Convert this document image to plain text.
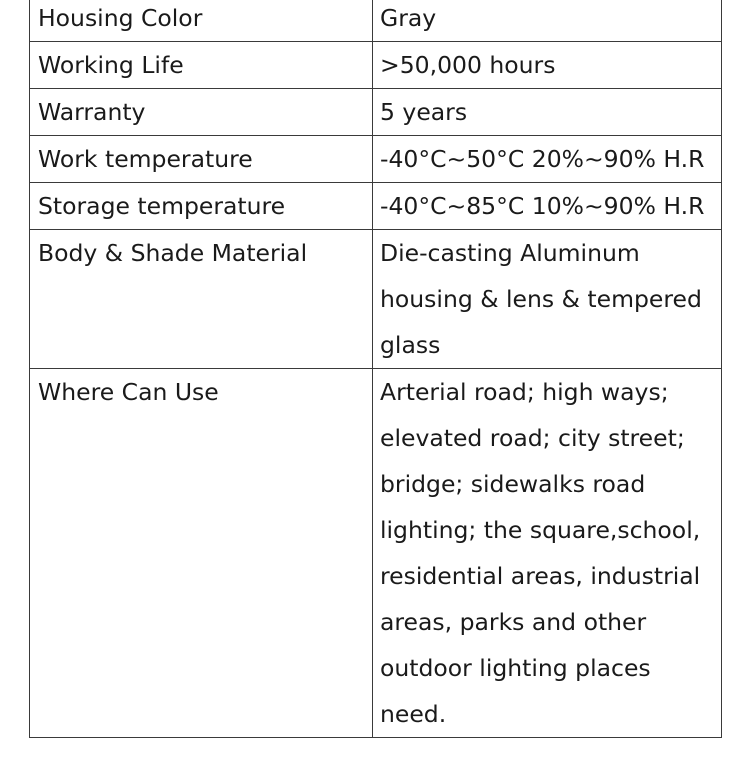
Housing Color	Gray
Working Life	>50,000 hours
Warranty	5 years
Work temperature	-40°C~50°C 20%~90% H.R
Storage temperature	-40°C~85°C 10%~90% H.R
Body & Shade Material	Die-casting Aluminum housing & lens & tempered glass
Where Can Use	Arterial road; high ways; elevated road; city street; bridge; sidewalks road lighting; the square,school, residential areas, industrial areas, parks and other outdoor lighting places need.
